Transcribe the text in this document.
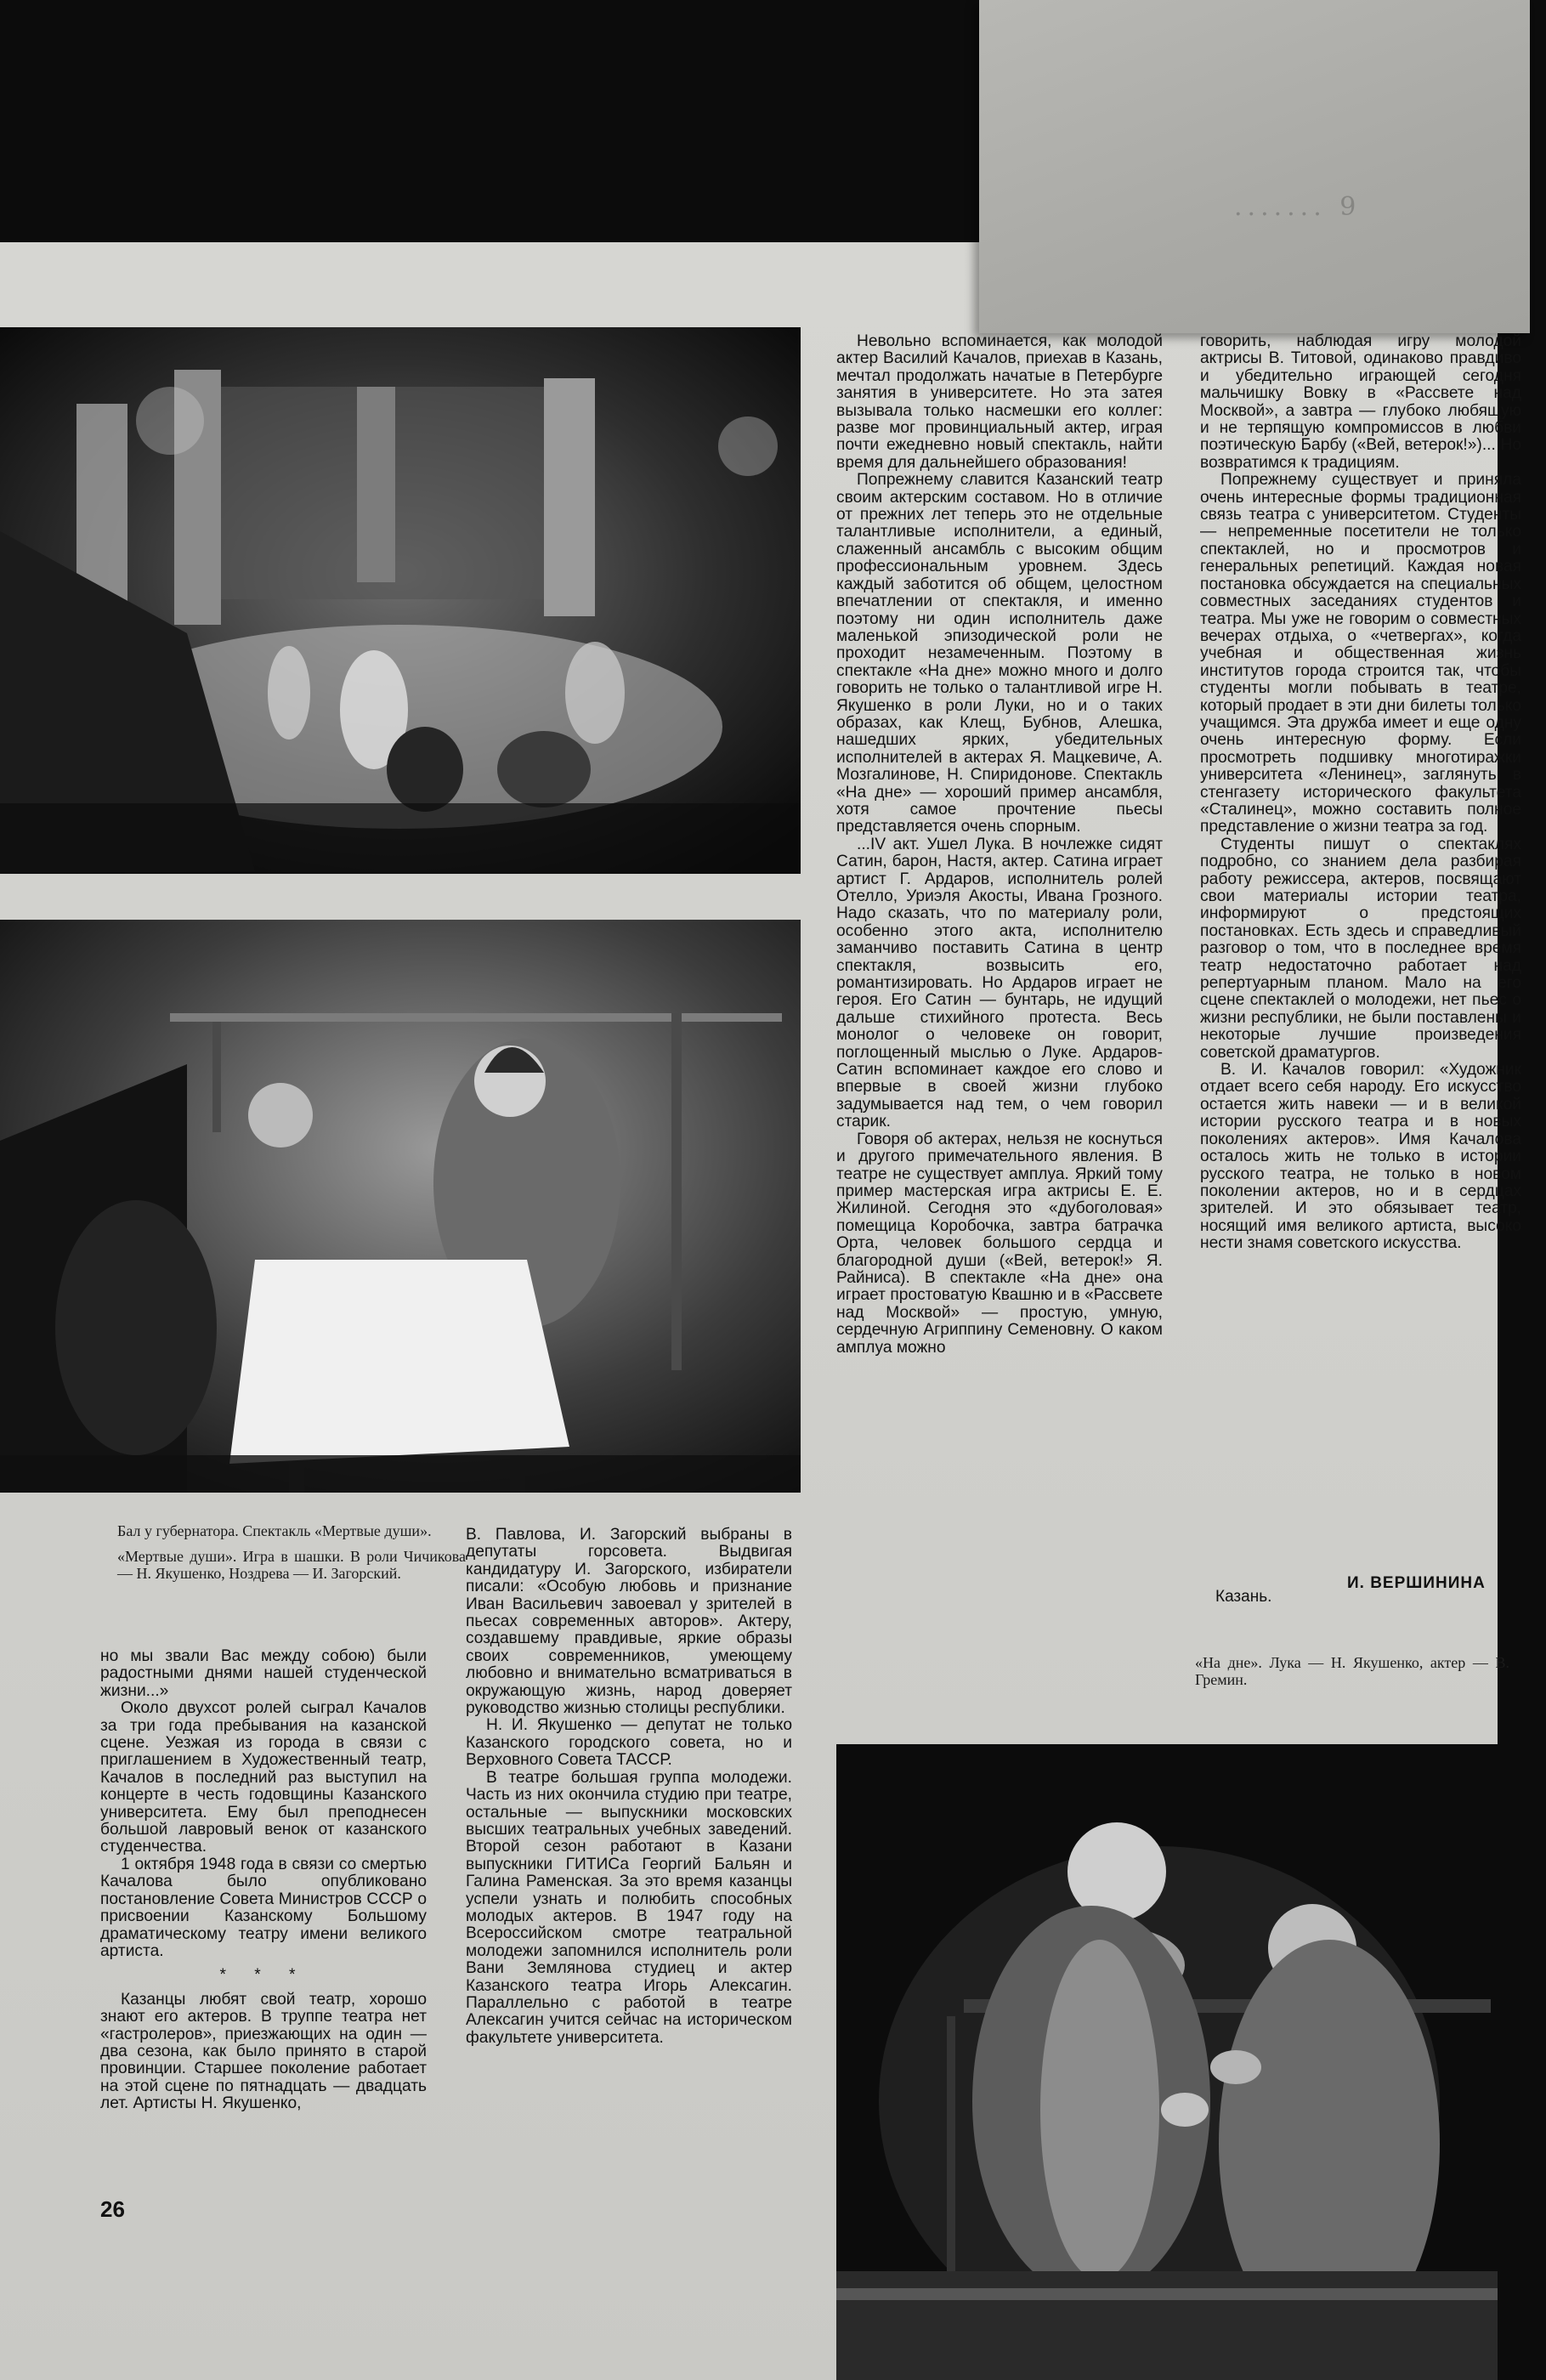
....... 9

Бал у губернатора. Спектакль «Мертвые души».

«Мертвые души». Игра в шашки. В роли Чичикова — Н. Якушенко, Ноздрева — И. Загорский.

«На дне». Лука — Н. Якушенко, актер — В. Гремин.

но мы звали Вас между собою) были радостными днями нашей студенческой жизни...»

Около двухсот ролей сыграл Качалов за три года пребывания на казанской сцене. Уезжая из города в связи с приглашением в Художественный театр, Качалов в последний раз выступил на концерте в честь годовщины Казанского университета. Ему был преподнесен большой лавровый венок от казанского студенчества.

1 октября 1948 года в связи со смертью Качалова было опубликовано постановление Совета Министров СССР о присвоении Казанскому Большому драматическому театру имени великого артиста.

* * *

Казанцы любят свой театр, хорошо знают его актеров. В труппе театра нет «гастролеров», приезжающих на один — два сезона, как было принято в старой провинции. Старшее поколение работает на этой сцене по пятнадцать — двадцать лет. Артисты Н. Якушенко,

В. Павлова, И. Загорский выбраны в депутаты горсовета. Выдвигая кандидатуру И. Загорского, избиратели писали: «Особую любовь и признание Иван Васильевич завоевал у зрителей в пьесах современных авторов». Актеру, создавшему правдивые, яркие образы своих современников, умеющему любовно и внимательно всматриваться в окружающую жизнь, народ доверяет руководство жизнью столицы республики.

Н. И. Якушенко — депутат не только Казанского городского совета, но и Верховного Совета ТАССР.

В театре большая группа молодежи. Часть из них окончила студию при театре, остальные — выпускники московских высших театральных учебных заведений. Второй сезон работают в Казани выпускники ГИТИСа Георгий Бальян и Галина Раменская. За это время казанцы успели узнать и полюбить способных молодых актеров. В 1947 году на Всероссийском смотре театральной молодежи запомнился исполнитель роли Вани Землянова студиец и актер Казанского театра Игорь Алексагин. Параллельно с работой в театре Алексагин учится сейчас на историческом факультете университета.

Невольно вспоминается, как молодой актер Василий Качалов, приехав в Казань, мечтал продолжать начатые в Петербурге занятия в университете. Но эта затея вызывала только насмешки его коллег: разве мог провинциальный актер, играя почти ежедневно новый спектакль, найти время для дальнейшего образования!

Попрежнему славится Казанский театр своим актерским составом. Но в отличие от прежних лет теперь это не отдельные талантливые исполнители, а единый, слаженный ансамбль с высоким общим профессиональным уровнем. Здесь каждый заботится об общем, целостном впечатлении от спектакля, и именно поэтому ни один исполнитель даже маленькой эпизодической роли не проходит незамеченным. Поэтому в спектакле «На дне» можно много и долго говорить не только о талантливой игре Н. Якушенко в роли Луки, но и о таких образах, как Клещ, Бубнов, Алешка, нашедших ярких, убедительных исполнителей в актерах Я. Мацкевиче, А. Мозгалинове, Н. Спиридонове. Спектакль «На дне» — хороший пример ансамбля, хотя самое прочтение пьесы представляется очень спорным.

...IV акт. Ушел Лука. В ночлежке сидят Сатин, барон, Настя, актер. Сатина играет артист Г. Ардаров, исполнитель ролей Отелло, Уриэля Акосты, Ивана Грозного. Надо сказать, что по материалу роли, особенно этого акта, исполнителю заманчиво поставить Сатина в центр спектакля, возвысить его, романтизировать. Но Ардаров играет не героя. Его Сатин — бунтарь, не идущий дальше стихийного протеста. Весь монолог о человеке он говорит, поглощенный мыслью о Луке. Ардаров-Сатин вспоминает каждое его слово и впервые в своей жизни глубоко задумывается над тем, о чем говорил старик.

Говоря об актерах, нельзя не коснуться и другого примечательного явления. В театре не существует амплуа. Яркий тому пример мастерская игра актрисы Е. Е. Жилиной. Сегодня это «дубоголовая» помещица Коробочка, завтра батрачка Орта, человек большого сердца и благородной души («Вей, ветерок!» Я. Райниса). В спектакле «На дне» она играет простоватую Квашню и в «Рассвете над Москвой» — простую, умную, сердечную Агриппину Семеновну. О каком амплуа можно

говорить, наблюдая игру молодой актрисы В. Титовой, одинаково правдиво и убедительно играющей сегодня мальчишку Вовку в «Рассвете над Москвой», а завтра — глубоко любящую и не терпящую компромиссов в любви поэтическую Барбу («Вей, ветерок!»)... Но возвратимся к традициям.

Попрежнему существует и приняла очень интересные формы традиционная связь театра с университетом. Студенты — непременные посетители не только спектаклей, но и просмотров и генеральных репетиций. Каждая новая постановка обсуждается на специальных совместных заседаниях студентов и театра. Мы уже не говорим о совместных вечерах отдыха, о «четвергах», когда учебная и общественная жизнь институтов города строится так, чтобы студенты могли побывать в театре, который продает в эти дни билеты только учащимся. Эта дружба имеет и еще одну очень интересную форму. Если просмотреть подшивку многотиражки университета «Ленинец», заглянуть в стенгазету исторического факультета «Сталинец», можно составить полное представление о жизни театра за год.

Студенты пишут о спектаклях подробно, со знанием дела разбирая работу режиссера, актеров, посвящают свои материалы истории театра, информируют о предстоящих постановках. Есть здесь и справедливый разговор о том, что в последнее время театр недостаточно работает над репертуарным планом. Мало на его сцене спектаклей о молодежи, нет пьес о жизни республики, не были поставлены и некоторые лучшие произведения советской драматургов.

В. И. Качалов говорил: «Художник отдает всего себя народу. Его искусство остается жить навеки — и в великой истории русского театра и в новых поколениях актеров». Имя Качалова осталось жить не только в истории русского театра, не только в новом поколении актеров, но и в сердцах зрителей. И это обязывает театр, носящий имя великого артиста, высоко нести знамя советского искусства.

И. ВЕРШИНИНА
Казань.
26
